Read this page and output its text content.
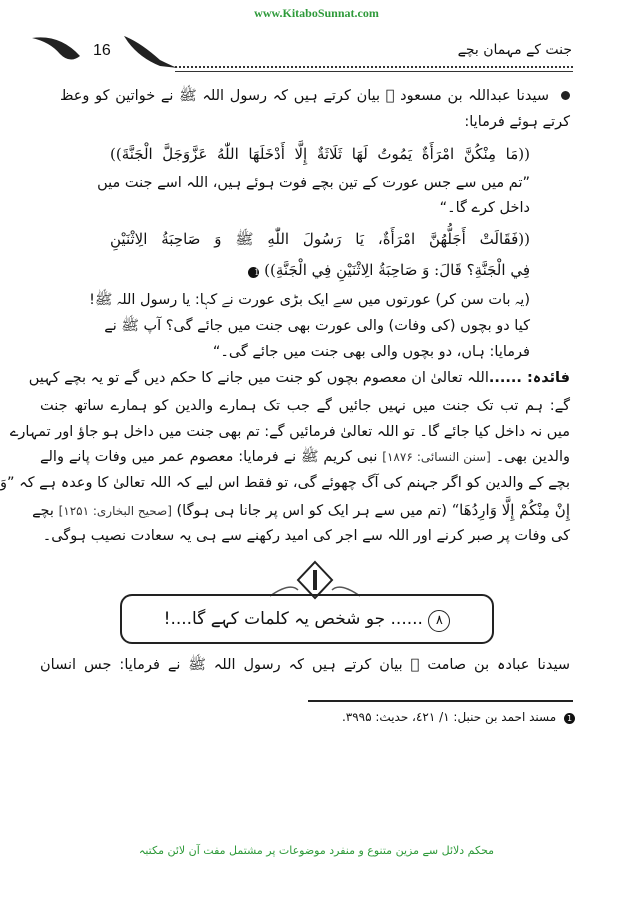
www.KitaboSunnat.com
جنت کے مہمان بچے
16
سیدنا عبداللہ بن مسعود ﷛ بیان کرتے ہیں کہ رسول اللہ ﷺ نے خواتین کو وعظ
کرتے ہوئے فرمایا:
((مَا مِنْكُنَّ امْرَأَةٌ يَمُوتُ لَهَا ثَلَاثَةٌ إِلَّا أَدْخَلَهَا اللّٰهُ عَزَّوَجَلَّ الْجَنَّةَ))
”تم میں سے جس عورت کے تین بچے فوت ہوئے ہیں، اللہ اسے جنت میں
داخل کرے گا۔“
((فَقَالَتْ أَجَلُّهُنَّ امْرَأَةٌ، يَا رَسُولَ اللّٰهِ ﷺ وَ صَاحِبَةُ الِاثْنَيْنِ
فِي الْجَنَّةِ؟ قَالَ: وَ صَاحِبَةُ الِاثْنَيْنِ فِي الْجَنَّةِ)) 1
(یہ بات سن کر) عورتوں میں سے ایک بڑی عورت نے کہا: یا رسول اللہ ﷺ!
کیا دو بچوں (کی وفات) والی عورت بھی جنت میں جائے گی؟ آپ ﷺ نے
فرمایا: ہاں، دو بچوں والی بھی جنت میں جائے گی۔“
فائدہ: ......اللہ تعالیٰ ان معصوم بچوں کو جنت میں جانے کا حکم دیں گے تو یہ بچے کہیں
گے: ہم تب تک جنت میں نہیں جائیں گے جب تک ہمارے والدین کو ہمارے ساتھ جنت
میں نہ داخل کیا جائے گا۔ تو اللہ تعالیٰ فرمائیں گے: تم بھی جنت میں داخل ہو جاؤ اور تمہارے
والدین بھی۔ [سنن النسائی: ۱۸۷۶] نبی کریم ﷺ نے فرمایا: معصوم عمر میں وفات پانے والے
بچے کے والدین کو اگر جہنم کی آگ چھوئے گی، تو فقط اس لیے کہ اللہ تعالیٰ کا وعدہ ہے کہ ”وَ
إِنْ مِنْكُمْ إِلَّا وَارِدُهَا“ (تم میں سے ہر ایک کو اس پر جانا ہی ہوگا) [صحیح البخاری: ۱۲۵۱] بچے
کی وفات پر صبر کرنے اور اللہ سے اجر کی امید رکھنے سے ہی یہ سعادت نصیب ہوگی۔
۸ ...... جو شخص یہ کلمات کہے گا....!
سیدنا عبادہ بن صامت ﷛ بیان کرتے ہیں کہ رسول اللہ ﷺ نے فرمایا: جس انسان
1 مسند احمد بن حنبل: ۱/ ٤٢١، حدیث: ۳۹۹۵.
محکم دلائل سے مزین متنوع و منفرد موضوعات پر مشتمل مفت آن لائن مکتبہ
